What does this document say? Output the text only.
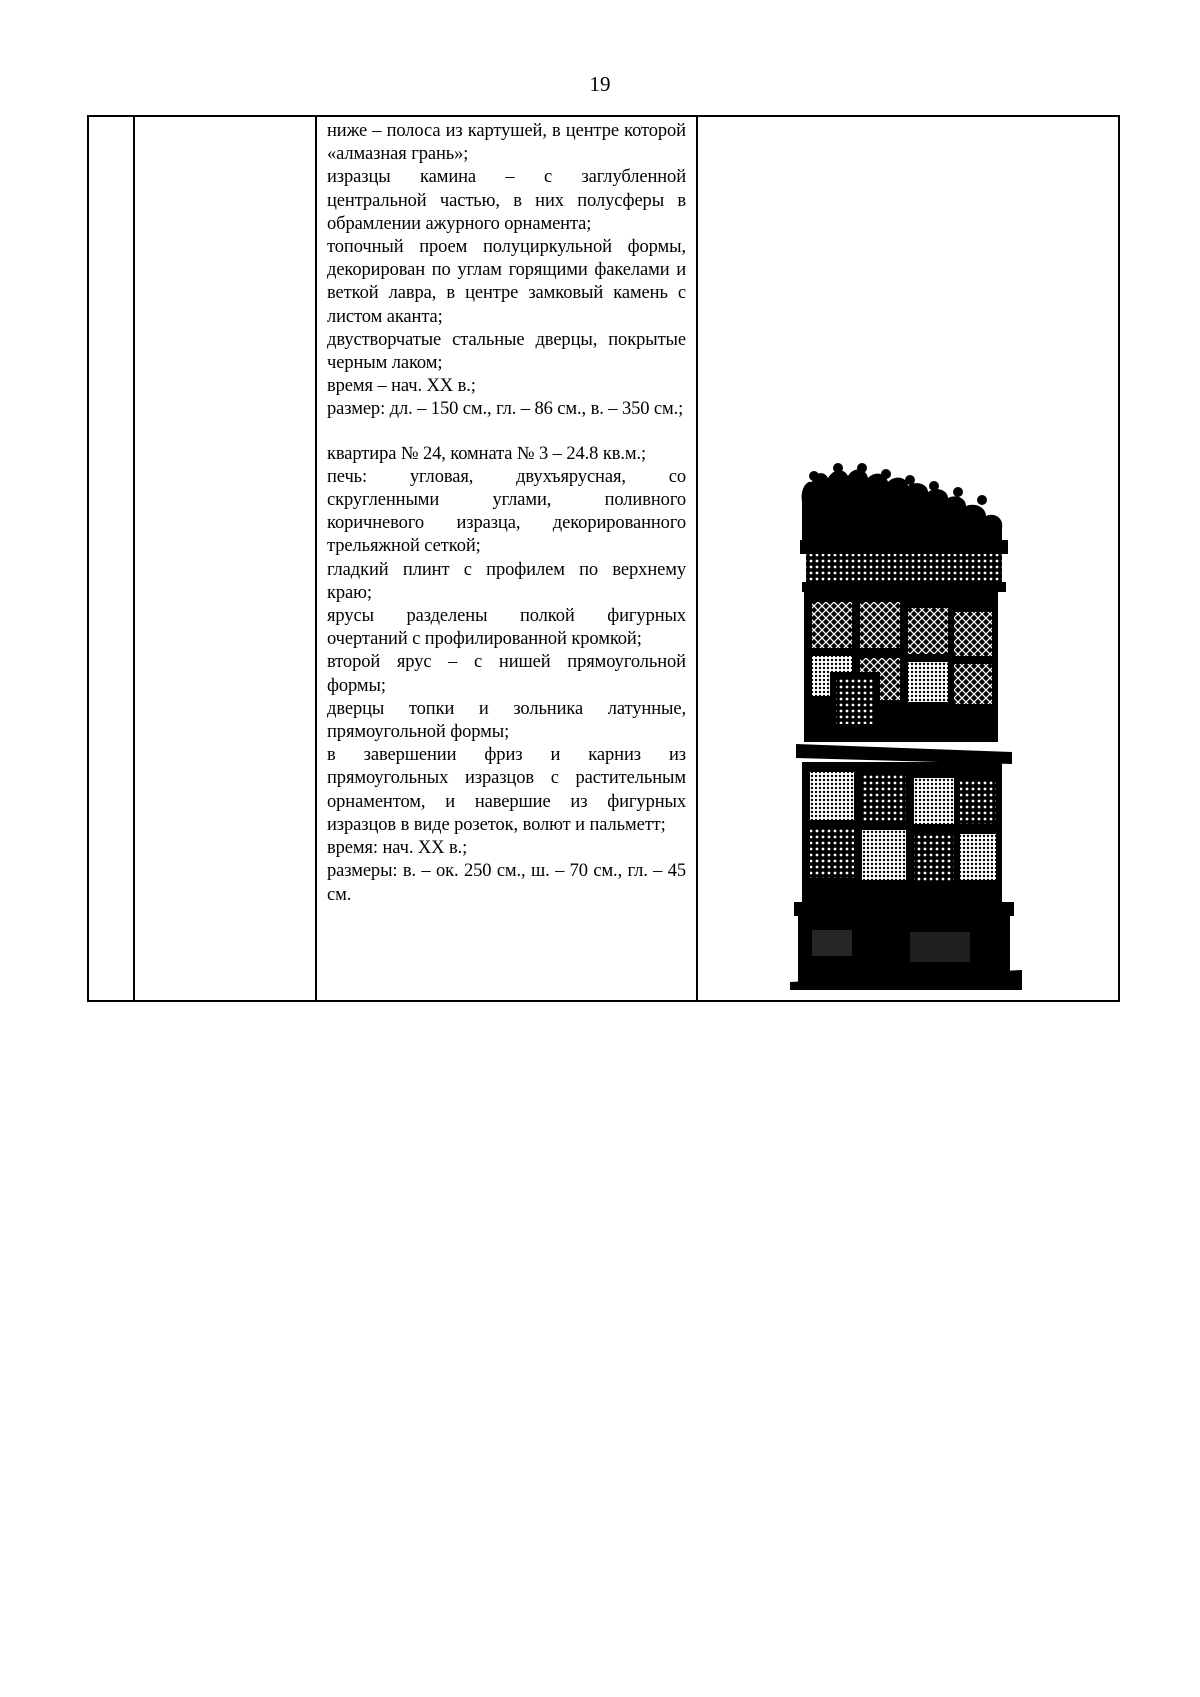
19

ниже – полоса из картушей, в центре которой «алмазная грань»;
изразцы камина – с заглубленной центральной частью, в них полусферы в обрамлении ажурного орнамента;
топочный проем полуциркульной формы, декорирован по углам горящими факелами и веткой лавра, в центре замковый камень с листом аканта;
двустворчатые стальные дверцы, покрытые черным лаком;
время – нач. XX в.;
размер: дл. – 150 см., гл. – 86 см., в. – 350 см.;
квартира № 24, комната № 3 – 24.8 кв.м.;
печь: угловая, двухъярусная, со скругленными углами, поливного коричневого изразца, декорированного трельяжной сеткой;
гладкий плинт с профилем по верхнему краю;
ярусы разделены полкой фигурных очертаний с профилированной кромкой;
второй ярус – с нишей прямоугольной формы;
дверцы топки и зольника латунные, прямоугольной формы;
в завершении фриз и карниз из прямоугольных изразцов с растительным орнаментом, и навершие из фигурных изразцов в виде розеток, волют и пальметт;
время: нач. XX в.;
размеры: в. – ок. 250 см., ш. – 70 см., гл. – 45 см.
